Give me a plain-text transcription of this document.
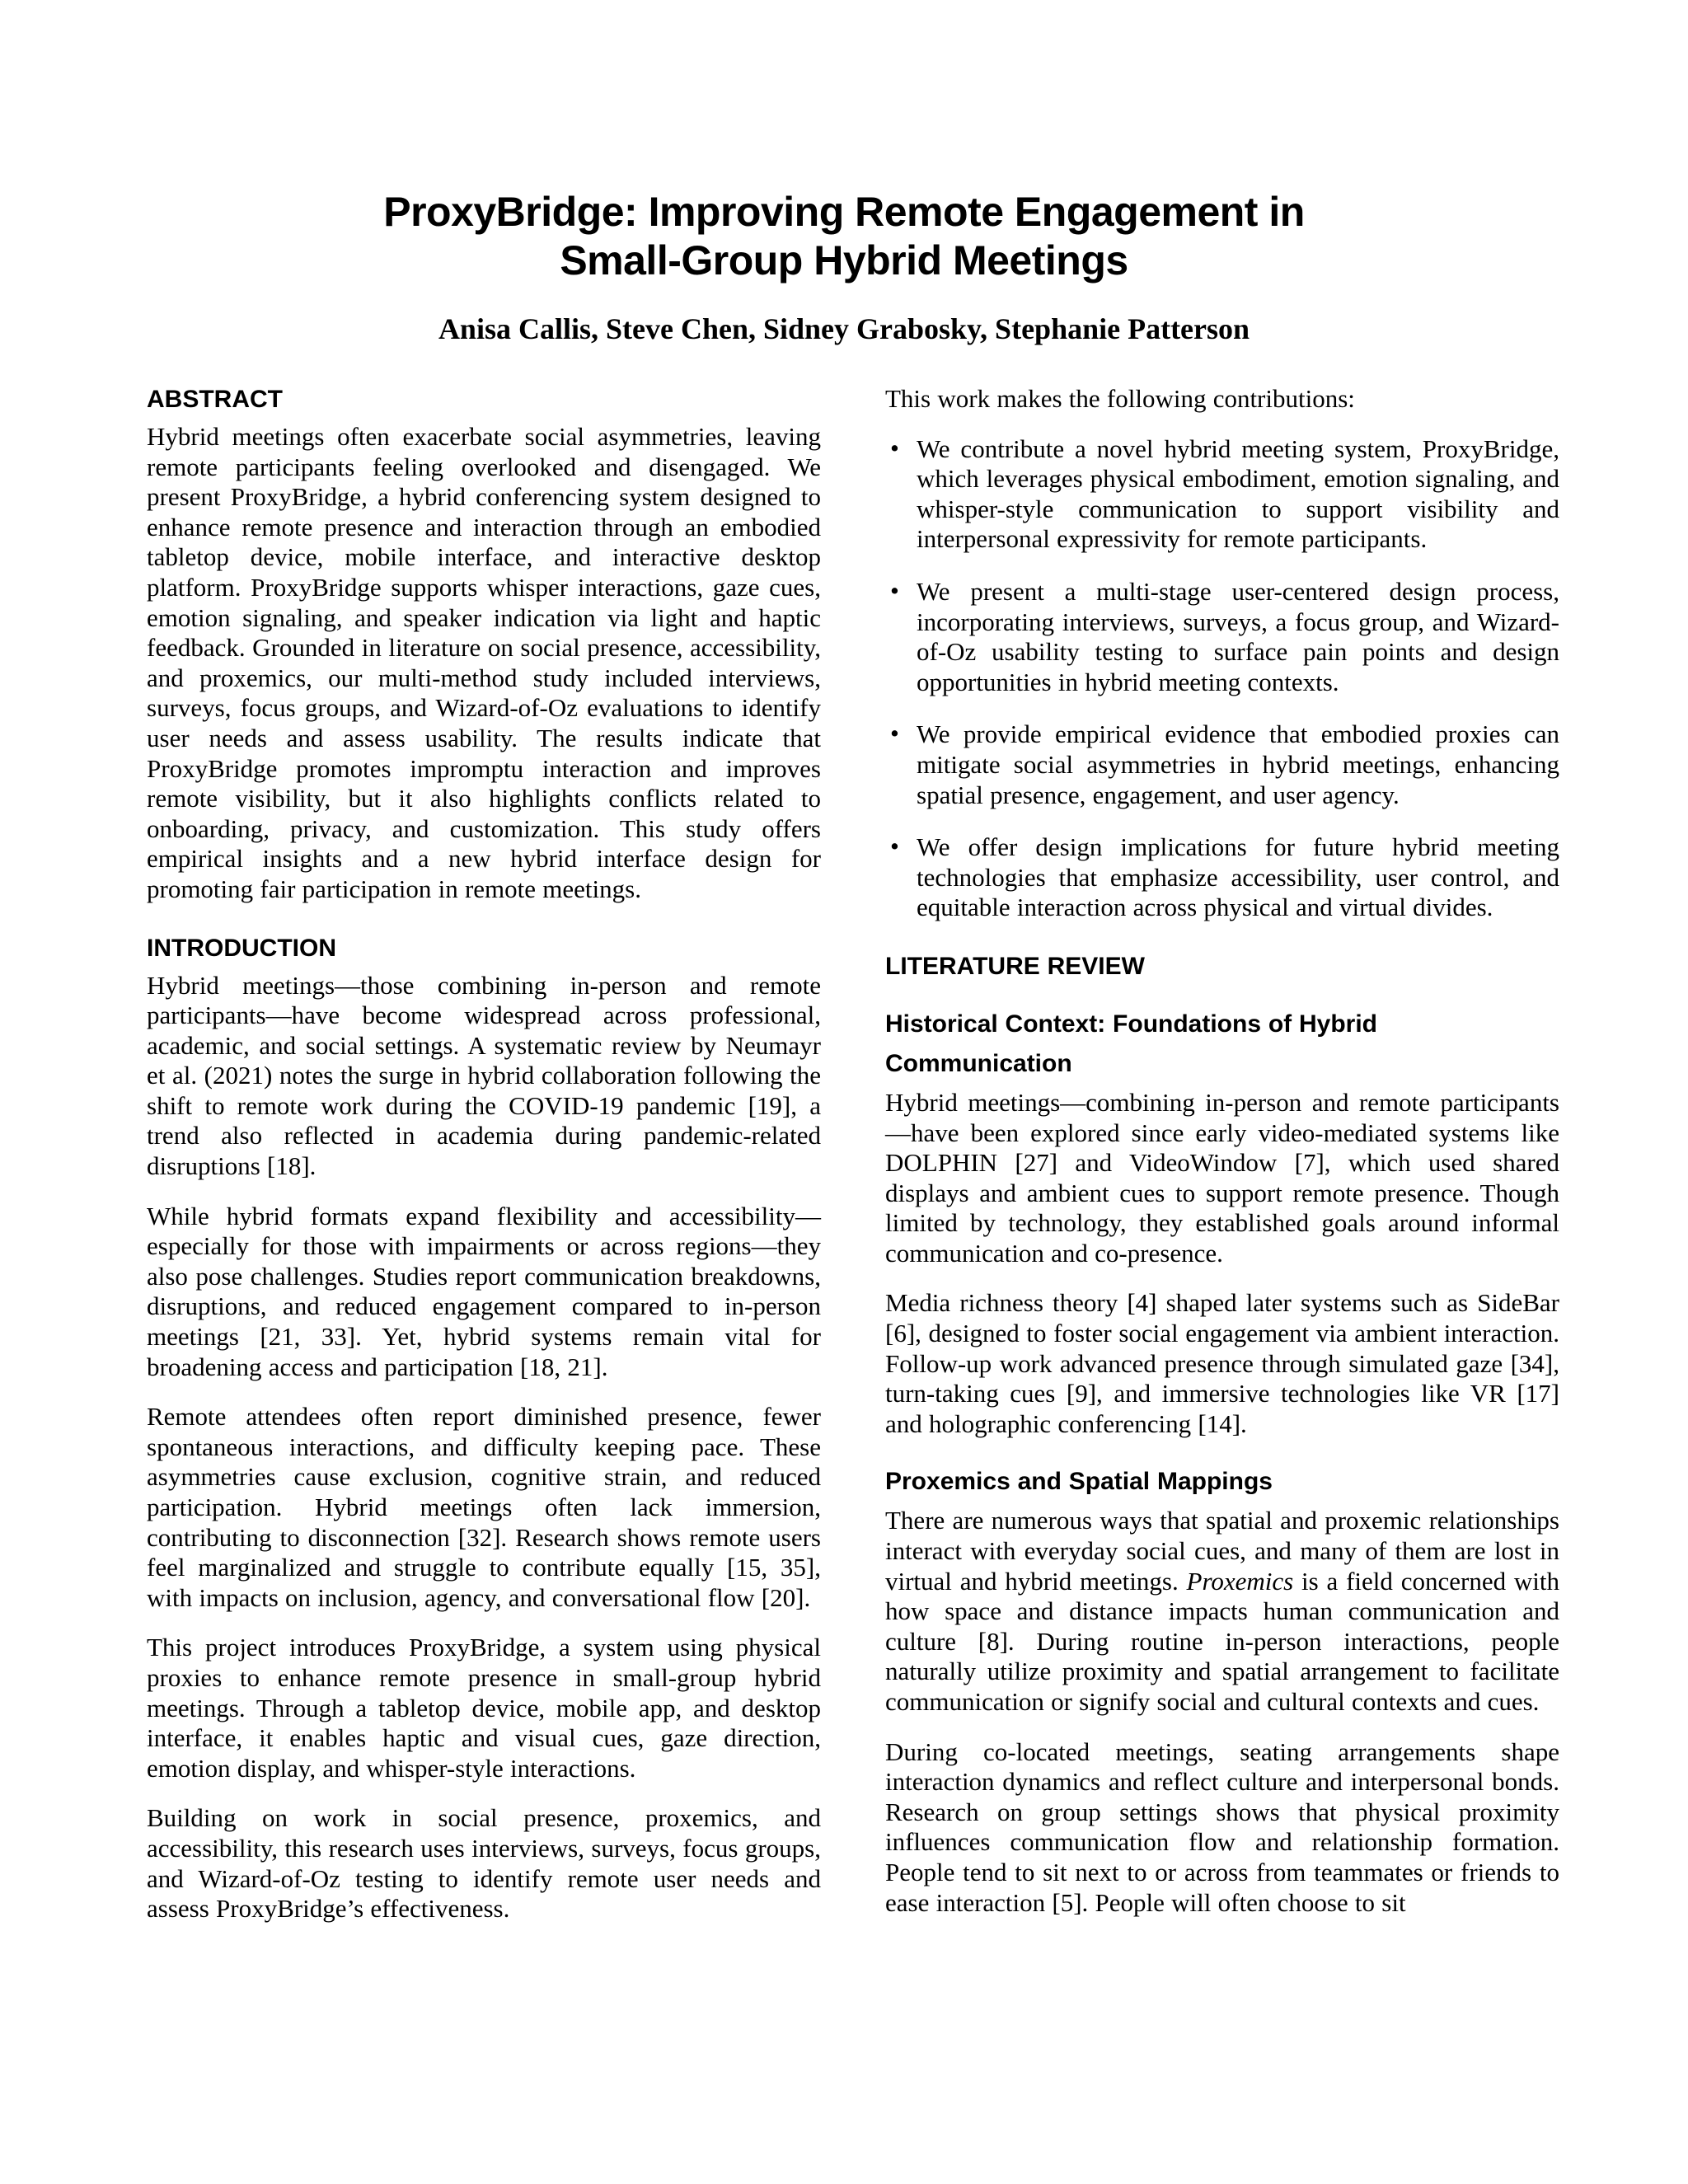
ProxyBridge: Improving Remote Engagement in
Small-Group Hybrid Meetings
Anisa Callis, Steve Chen, Sidney Grabosky, Stephanie Patterson
ABSTRACT

Hybrid meetings often exacerbate social asymmetries, leaving remote participants feeling overlooked and disengaged. We present ProxyBridge, a hybrid conferencing system designed to enhance remote presence and interaction through an embodied tabletop device, mobile interface, and interactive desktop platform. ProxyBridge supports whisper interactions, gaze cues, emotion signaling, and speaker indication via light and haptic feedback. Grounded in literature on social presence, accessibility, and proxemics, our multi-method study included interviews, surveys, focus groups, and Wizard-of-Oz evaluations to identify user needs and assess usability. The results indicate that ProxyBridge promotes impromptu interaction and improves remote visibility, but it also highlights conflicts related to onboarding, privacy, and customization. This study offers empirical insights and a new hybrid interface design for promoting fair participation in remote meetings.

INTRODUCTION

Hybrid meetings—those combining in-person and remote participants—have become widespread across professional, academic, and social settings. A systematic review by Neumayr et al. (2021) notes the surge in hybrid collaboration following the shift to remote work during the COVID-19 pandemic [19], a trend also reflected in academia during pandemic-related disruptions [18].

While hybrid formats expand flexibility and accessibility—especially for those with impairments or across regions—they also pose challenges. Studies report communication breakdowns, disruptions, and reduced engagement compared to in-person meetings [21, 33]. Yet, hybrid systems remain vital for broadening access and participation [18, 21].

Remote attendees often report diminished presence, fewer spontaneous interactions, and difficulty keeping pace. These asymmetries cause exclusion, cognitive strain, and reduced participation. Hybrid meetings often lack immersion, contributing to disconnection [32]. Research shows remote users feel marginalized and struggle to contribute equally [15, 35], with impacts on inclusion, agency, and conversational flow [20].

This project introduces ProxyBridge, a system using physical proxies to enhance remote presence in small-group hybrid meetings. Through a tabletop device, mobile app, and desktop interface, it enables haptic and visual cues, gaze direction, emotion display, and whisper-style interactions.

Building on work in social presence, proxemics, and accessibility, this research uses interviews, surveys, focus groups, and Wizard-of-Oz testing to identify remote user needs and assess ProxyBridge’s effectiveness.

This work makes the following contributions:

• We contribute a novel hybrid meeting system, ProxyBridge, which leverages physical embodiment, emotion signaling, and whisper-style communication to support visibility and interpersonal expressivity for remote participants.
• We present a multi-stage user-centered design process, incorporating interviews, surveys, a focus group, and Wizard-of-Oz usability testing to surface pain points and design opportunities in hybrid meeting contexts.
• We provide empirical evidence that embodied proxies can mitigate social asymmetries in hybrid meetings, enhancing spatial presence, engagement, and user agency.
• We offer design implications for future hybrid meeting technologies that emphasize accessibility, user control, and equitable interaction across physical and virtual divides.
LITERATURE REVIEW
Historical Context: Foundations of Hybrid Communication

Hybrid meetings—combining in-person and remote participants—have been explored since early video-mediated systems like DOLPHIN [27] and VideoWindow [7], which used shared displays and ambient cues to support remote presence. Though limited by technology, they established goals around informal communication and co-presence.

Media richness theory [4] shaped later systems such as SideBar [6], designed to foster social engagement via ambient interaction. Follow-up work advanced presence through simulated gaze [34], turn-taking cues [9], and immersive technologies like VR [17] and holographic conferencing [14].

Proxemics and Spatial Mappings

There are numerous ways that spatial and proxemic relationships interact with everyday social cues, and many of them are lost in virtual and hybrid meetings. Proxemics is a field concerned with how space and distance impacts human communication and culture [8]. During routine in-person interactions, people naturally utilize proximity and spatial arrangement to facilitate communication or signify social and cultural contexts and cues.

During co-located meetings, seating arrangements shape interaction dynamics and reflect culture and interpersonal bonds. Research on group settings shows that physical proximity influences communication flow and relationship formation. People tend to sit next to or across from teammates or friends to ease interaction [5]. People will often choose to sit
